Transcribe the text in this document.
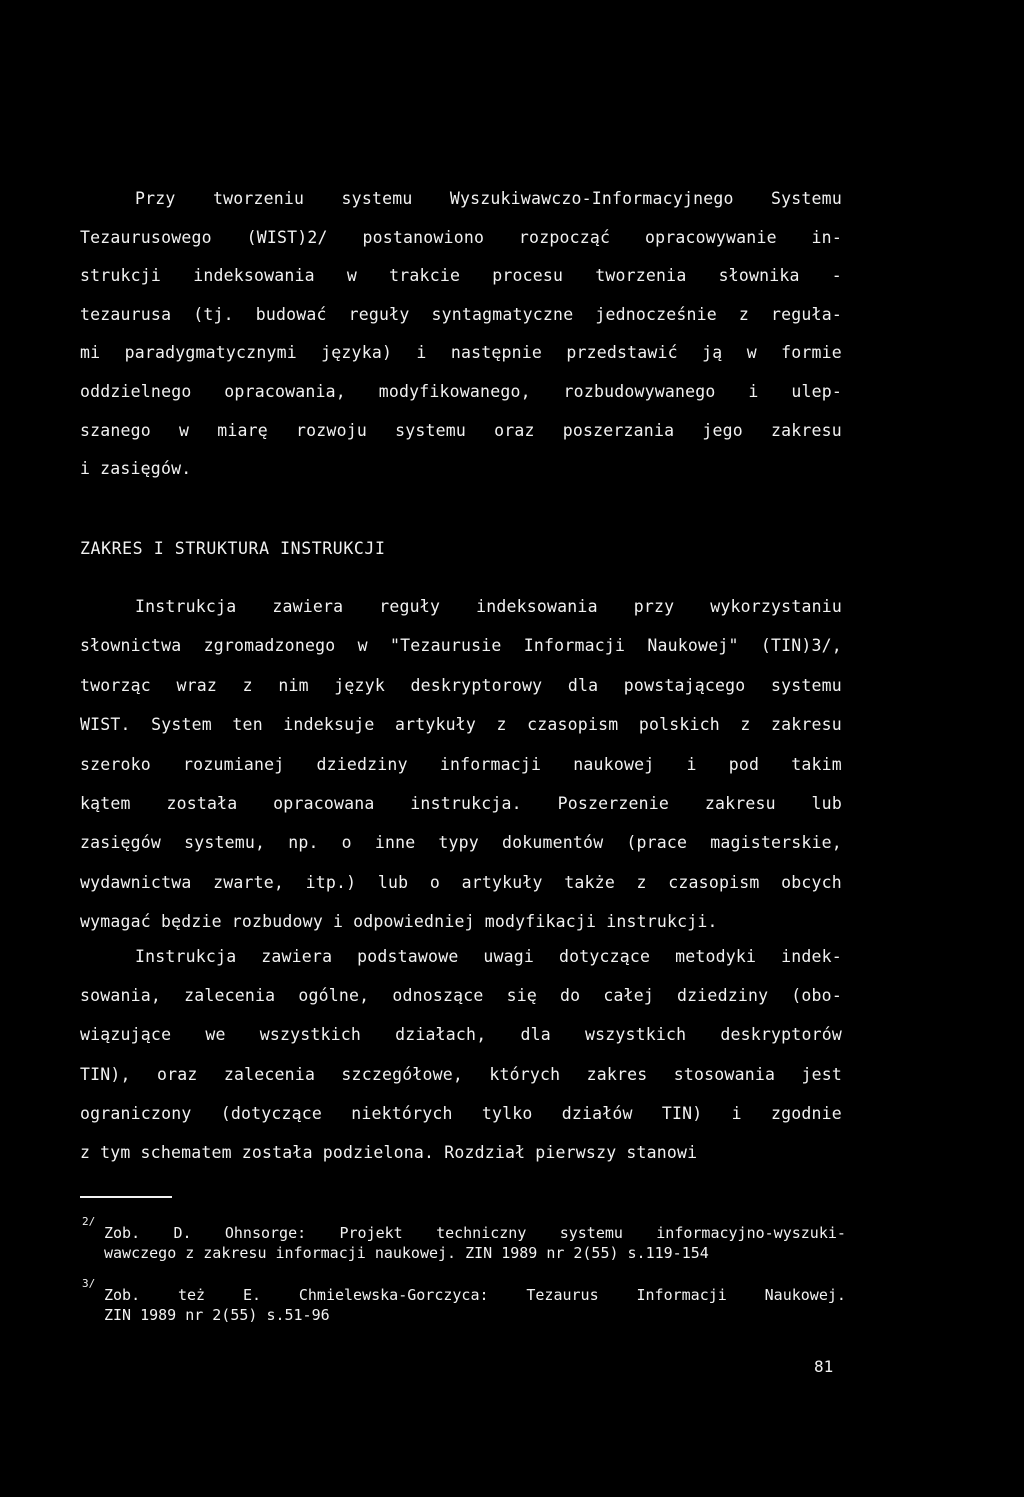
Przy tworzeniu systemu Wyszukiwawczo-Informacyjnego Systemu
Tezaurusowego (WIST)2/ postanowiono rozpocząć opracowywanie in-
strukcji indeksowania w trakcie procesu tworzenia słownika -
tezaurusa (tj. budować reguły syntagmatyczne jednocześnie z reguła-
mi paradygmatycznymi języka) i następnie przedstawić ją w formie
oddzielnego opracowania, modyfikowanego, rozbudowywanego i ulep-
szanego w miarę rozwoju systemu oraz poszerzania jego zakresu
i zasięgów.
ZAKRES I STRUKTURA INSTRUKCJI
Instrukcja zawiera reguły indeksowania przy wykorzystaniu
słownictwa zgromadzonego w "Tezaurusie Informacji Naukowej" (TIN)3/,
tworząc wraz z nim język deskryptorowy dla powstającego systemu
WIST. System ten indeksuje artykuły z czasopism polskich z zakresu
szeroko rozumianej dziedziny informacji naukowej i pod takim
kątem została opracowana instrukcja. Poszerzenie zakresu lub
zasięgów systemu, np. o inne typy dokumentów (prace magisterskie,
wydawnictwa zwarte, itp.) lub o artykuły także z czasopism obcych
wymagać będzie rozbudowy i odpowiedniej modyfikacji instrukcji.
Instrukcja zawiera podstawowe uwagi dotyczące metodyki indek-
sowania, zalecenia ogólne, odnoszące się do całej dziedziny (obo-
wiązujące we wszystkich działach, dla wszystkich deskryptorów
TIN), oraz zalecenia szczegółowe, których zakres stosowania jest
ograniczony (dotyczące niektórych tylko działów TIN) i zgodnie
z tym schematem została podzielona. Rozdział pierwszy stanowi
2/
Zob. D. Ohnsorge: Projekt techniczny systemu informacyjno-wyszuki-
wawczego z zakresu informacji naukowej. ZIN 1989 nr 2(55) s.119-154
3/
Zob.	też	E.	Chmielewska-Gorczyca:	Tezaurus	Informacji	Naukowej.
ZIN 1989 nr 2(55) s.51-96
81
